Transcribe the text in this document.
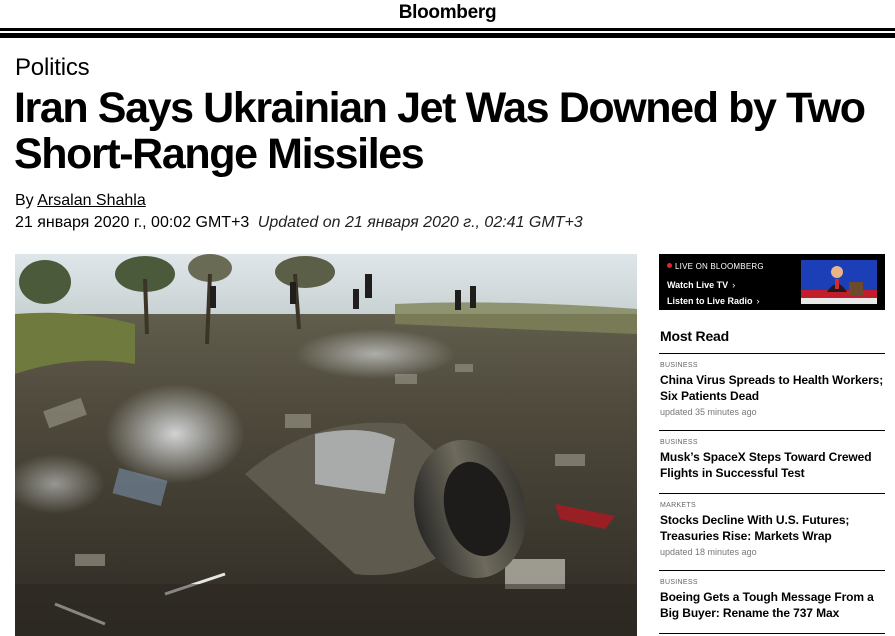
Bloomberg
Politics
Iran Says Ukrainian Jet Was Downed by Two Short-Range Missiles
By Arsalan Shahla
21 января 2020 г., 00:02 GMT+3 Updated on 21 января 2020 г., 02:41 GMT+3
LIVE ON BLOOMBERG
Watch Live TV ›
Listen to Live Radio ›
Most Read
BUSINESS
China Virus Spreads to Health Workers; Six Patients Dead
updated 35 minutes ago
BUSINESS
Musk’s SpaceX Steps Toward Crewed Flights in Successful Test
MARKETS
Stocks Decline With U.S. Futures; Treasuries Rise: Markets Wrap
updated 18 minutes ago
BUSINESS
Boeing Gets a Tough Message From a Big Buyer: Rename the 737 Max
